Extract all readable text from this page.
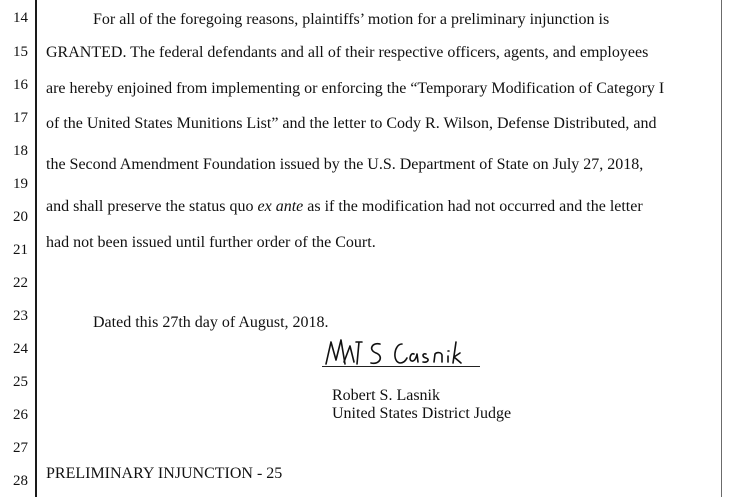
14
15
16
17
18
19
20
21
22
23
24
25
26
27
28
For all of the foregoing reasons, plaintiffs’ motion for a preliminary injunction is
GRANTED. The federal defendants and all of their respective officers, agents, and employees
are hereby enjoined from implementing or enforcing the “Temporary Modification of Category I
of the United States Munitions List” and the letter to Cody R. Wilson, Defense Distributed, and
the Second Amendment Foundation issued by the U.S. Department of State on July 27, 2018,
and shall preserve the status quo ex ante as if the modification had not occurred and the letter
had not been issued until further order of the Court.
Dated this 27th day of August, 2018.
Robert S. Lasnik
United States District Judge
PRELIMINARY INJUNCTION - 25
